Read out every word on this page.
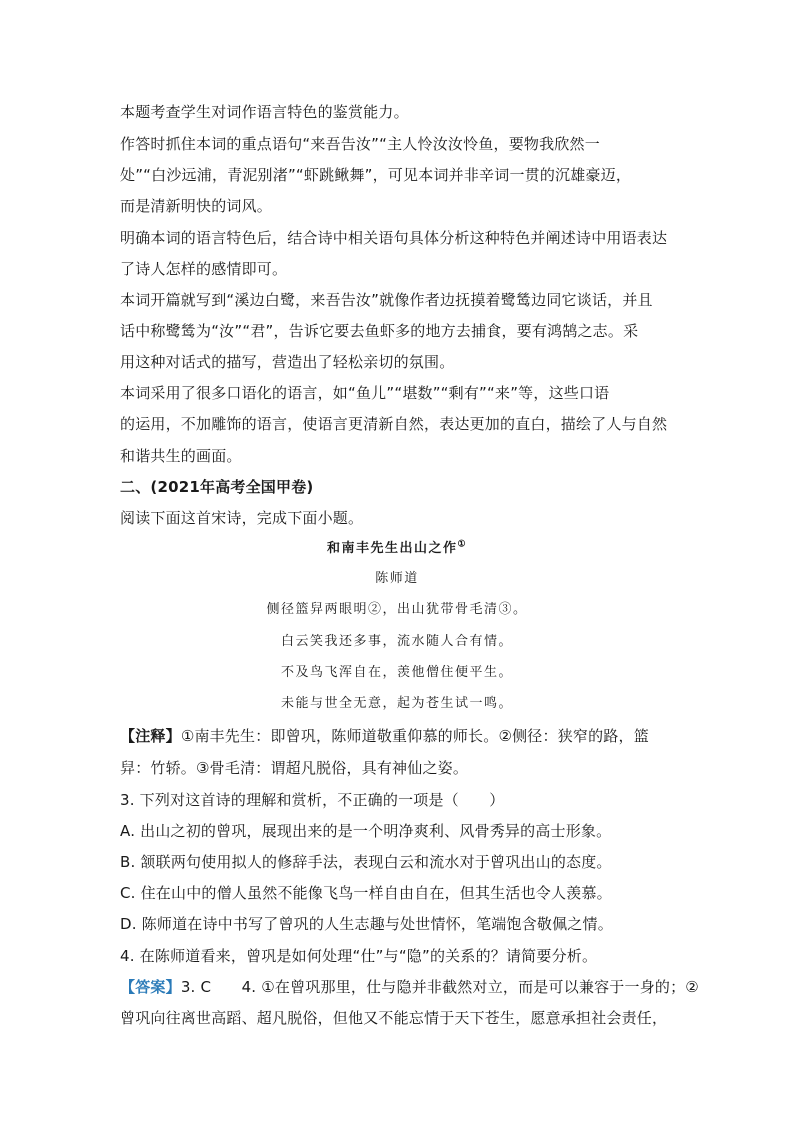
本题考查学生对词作语言特色的鉴赏能力。
作答时抓住本词的重点语句“来吾告汝”“主人怜汝汝怜鱼，要物我欣然一
处”“白沙远浦，青泥别渚”“虾跳鳅舞”，可见本词并非辛词一贯的沉雄豪迈，
而是清新明快的词风。
明确本词的语言特色后，结合诗中相关语句具体分析这种特色并阐述诗中用语表达
了诗人怎样的感情即可。
本词开篇就写到“溪边白鹭，来吾告汝”就像作者边抚摸着鹭鸶边同它谈话，并且
话中称鹭鸶为“汝”“君”，告诉它要去鱼虾多的地方去捕食，要有鸿鹄之志。采
用这种对话式的描写，营造出了轻松亲切的氛围。
本词采用了很多口语化的语言，如“鱼儿”“堪数”“剩有”“来”等，这些口语
的运用，不加雕饰的语言，使语言更清新自然，表达更加的直白，描绘了人与自然
和谐共生的画面。
二、(2021年高考全国甲卷)
阅读下面这首宋诗，完成下面小题。
和南丰先生出山之作①
陈师道
侧径篮舁两眼明②，出山犹带骨毛清③。
白云笑我还多事，流水随人合有情。
不及鸟飞浑自在，羡他僧住便平生。
未能与世全无意，起为苍生试一鸣。
【注释】①南丰先生：即曾巩，陈师道敬重仰慕的师长。②侧径：狭窄的路，篮
舁：竹轿。③骨毛清：谓超凡脱俗，具有神仙之姿。
3. 下列对这首诗的理解和赏析，不正确的一项是（　　）
A. 出山之初的曾巩，展现出来的是一个明净爽利、风骨秀异的高士形象。
B. 颔联两句使用拟人的修辞手法，表现白云和流水对于曾巩出山的态度。
C. 住在山中的僧人虽然不能像飞鸟一样自由自在，但其生活也令人羡慕。
D. 陈师道在诗中书写了曾巩的人生志趣与处世情怀，笔端饱含敬佩之情。
4. 在陈师道看来，曾巩是如何处理“仕”与“隐”的关系的？请简要分析。
【答案】3. C　　4. ①在曾巩那里，仕与隐并非截然对立，而是可以兼容于一身的；②
曾巩向往离世高蹈、超凡脱俗，但他又不能忘情于天下苍生，愿意承担社会责任，
